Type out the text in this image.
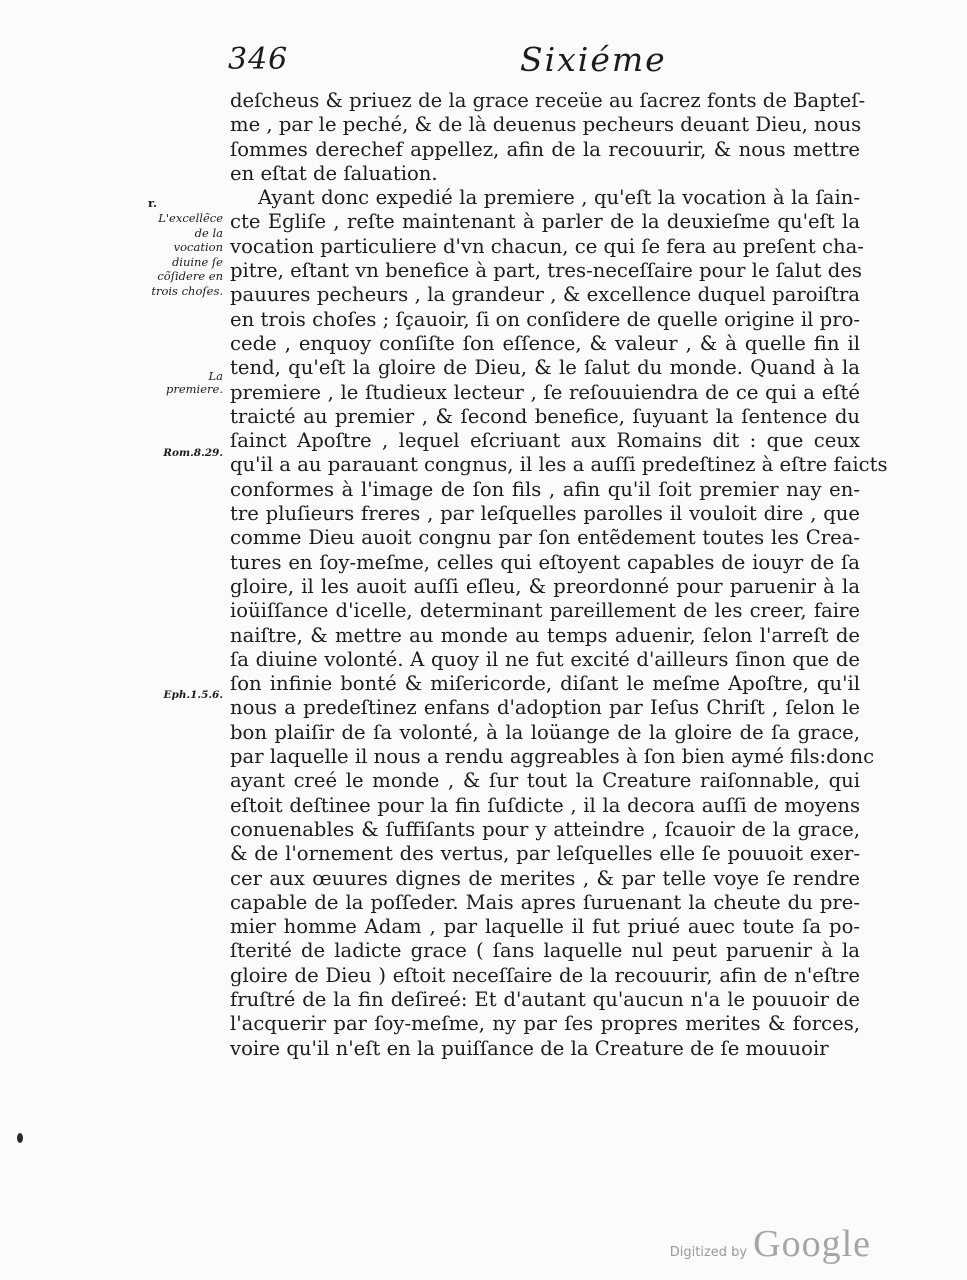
346	Sixiéme
r.
L'excellẽce de la vocation diuine ſe cõſidere en trois choſes.
La premiere.
Rom.8.29.
Eph.1.5.6.
deſcheus & priuez de la grace receüe au ſacrez fonts de Bapteſ-
me , par le peché, & de là deuenus pecheurs deuant Dieu, nous
ſommes derechef appellez, afin de la recouurir, & nous mettre
en eſtat de ſaluation.
Ayant donc expedié la premiere , qu'eſt la vocation à la ſain-
cte Egliſe , reſte maintenant à parler de la deuxieſme qu'eſt la
vocation particuliere d'vn chacun, ce qui ſe fera au preſent cha-
pitre, eſtant vn benefice à part, tres-neceſſaire pour le ſalut des
pauures pecheurs , la grandeur , & excellence duquel paroiſtra
en trois choſes ; ſçauoir, ſi on conſidere de quelle origine il pro-
cede , enquoy conſiſte ſon eſſence, & valeur , & à quelle fin il
tend, qu'eſt la gloire de Dieu, & le ſalut du monde. Quand à la
premiere , le ſtudieux lecteur , ſe reſouuiendra de ce qui a eſté
traicté au premier , & ſecond benefice, ſuyuant la ſentence du
ſainct Apoſtre , lequel eſcriuant aux Romains dit : que ceux
qu'il a au parauant congnus, il les a auſſi predeſtinez à eſtre faicts
conformes à l'image de ſon fils , afin qu'il ſoit premier nay en-
tre pluſieurs freres , par leſquelles parolles il vouloit dire , que
comme Dieu auoit congnu par ſon entẽdement toutes les Crea-
tures en ſoy-meſme, celles qui eſtoyent capables de iouyr de ſa
gloire, il les auoit auſſi eſleu, & preordonné pour paruenir à la
ioüiſſance d'icelle, determinant pareillement de les creer, faire
naiſtre, & mettre au monde au temps aduenir, ſelon l'arreſt de
ſa diuine volonté. A quoy il ne fut excité d'ailleurs ſinon que de
ſon infinie bonté & miſericorde, diſant le meſme Apoſtre, qu'il
nous a predeſtinez enfans d'adoption par Ieſus Chriſt , ſelon le
bon plaiſir de ſa volonté, à la loüange de la gloire de ſa grace,
par laquelle il nous a rendu aggreables à ſon bien aymé fils:donc
ayant creé le monde , & ſur tout la Creature raiſonnable, qui
eſtoit deſtinee pour la fin ſuſdicte , il la decora auſſi de moyens
conuenables & ſuffiſants pour y atteindre , ſcauoir de la grace,
& de l'ornement des vertus, par leſquelles elle ſe pouuoit exer-
cer aux œuures dignes de merites , & par telle voye ſe rendre
capable de la poſſeder. Mais apres ſuruenant la cheute du pre-
mier homme Adam , par laquelle il fut priué auec toute ſa po-
ſterité de ladicte grace ( ſans laquelle nul peut paruenir à la
gloire de Dieu ) eſtoit neceſſaire de la recouurir, afin de n'eſtre
fruſtré de la fin deſireé: Et d'autant qu'aucun n'a le pouuoir de
l'acquerir par ſoy-meſme, ny par ſes propres merites & forces,
voire qu'il n'eſt en la puiſſance de la Creature de ſe mouuoir
Digitized by Google
